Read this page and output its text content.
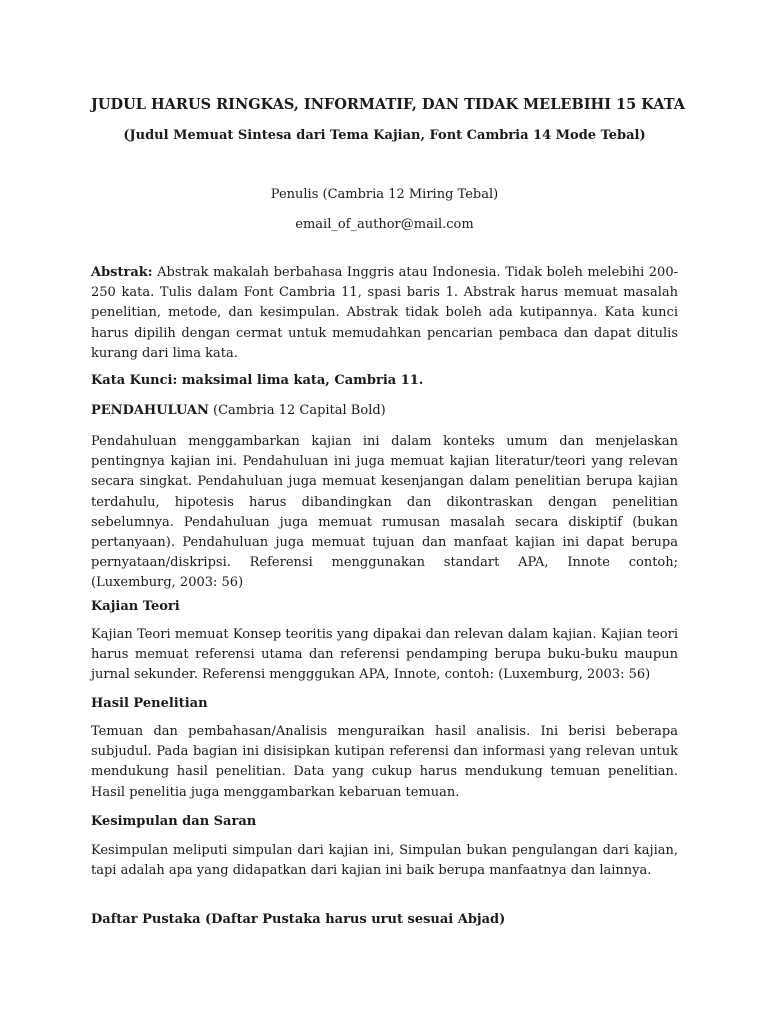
JUDUL HARUS RINGKAS, INFORMATIF, DAN TIDAK MELEBIHI 15 KATA
(Judul Memuat Sintesa dari Tema Kajian, Font Cambria 14 Mode Tebal)
Penulis (Cambria 12 Miring Tebal)
email_of_author@mail.com
Abstrak: Abstrak makalah berbahasa Inggris atau Indonesia. Tidak boleh melebihi 200-250 kata. Tulis dalam Font Cambria 11, spasi baris 1. Abstrak harus memuat masalah penelitian, metode, dan kesimpulan. Abstrak tidak boleh ada kutipannya. Kata kunci harus dipilih dengan cermat untuk memudahkan pencarian pembaca dan dapat ditulis kurang dari lima kata.
Kata Kunci: maksimal lima kata, Cambria 11.
PENDAHULUAN (Cambria 12 Capital Bold)
Pendahuluan menggambarkan kajian ini dalam konteks umum dan menjelaskan pentingnya kajian ini. Pendahuluan ini juga memuat kajian literatur/teori yang relevan secara singkat. Pendahuluan juga memuat kesenjangan dalam penelitian berupa kajian terdahulu, hipotesis harus dibandingkan dan dikontraskan dengan penelitian sebelumnya. Pendahuluan juga memuat rumusan masalah secara diskiptif (bukan pertanyaan). Pendahuluan juga memuat tujuan dan manfaat kajian ini dapat berupa pernyataan/diskripsi. Referensi menggunakan standart APA, Innote contoh; (Luxemburg, 2003: 56)
Kajian Teori
Kajian Teori memuat Konsep teoritis yang dipakai dan relevan dalam kajian. Kajian teori harus memuat referensi utama dan referensi pendamping berupa buku-buku maupun jurnal sekunder. Referensi mengggukan APA, Innote, contoh: (Luxemburg, 2003: 56)
Hasil Penelitian
Temuan dan pembahasan/Analisis menguraikan hasil analisis. Ini berisi beberapa subjudul. Pada bagian ini disisipkan kutipan referensi dan informasi yang relevan untuk mendukung hasil penelitian. Data yang cukup harus mendukung temuan penelitian. Hasil penelitia juga menggambarkan kebaruan temuan.
Kesimpulan dan Saran
Kesimpulan meliputi simpulan dari kajian ini, Simpulan bukan pengulangan dari kajian, tapi adalah apa yang didapatkan dari kajian ini baik berupa manfaatnya dan lainnya.
Daftar Pustaka (Daftar Pustaka harus urut sesuai Abjad)
